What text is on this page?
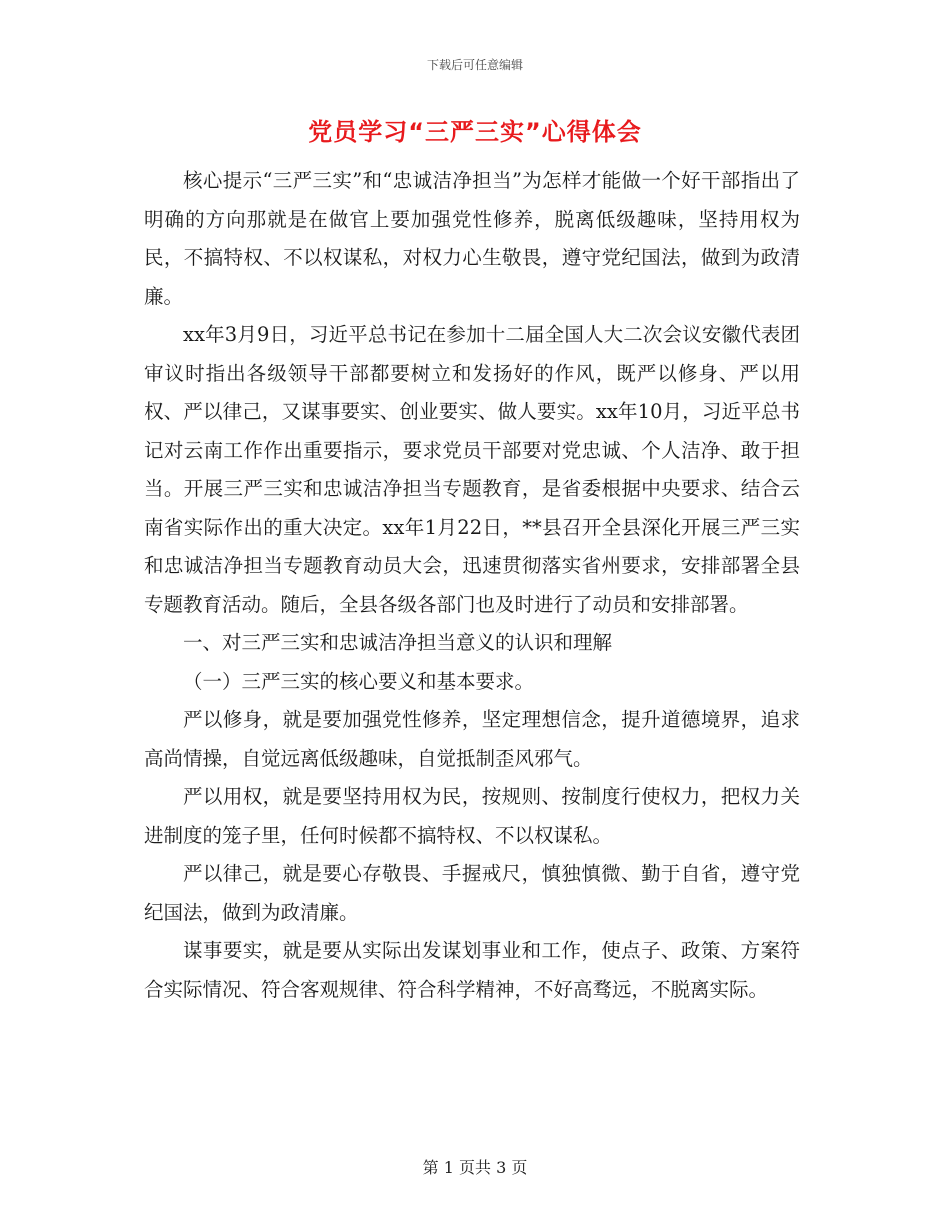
下载后可任意编辑
党员学习“三严三实”心得体会

核心提示“三严三实”和“忠诚洁净担当”为怎样才能做一个好干部指出了明确的方向那就是在做官上要加强党性修养，脱离低级趣味，坚持用权为民，不搞特权、不以权谋私，对权力心生敬畏，遵守党纪国法，做到为政清廉。

xx年3月9日，习近平总书记在参加十二届全国人大二次会议安徽代表团审议时指出各级领导干部都要树立和发扬好的作风，既严以修身、严以用权、严以律己，又谋事要实、创业要实、做人要实。xx年10月，习近平总书记对云南工作作出重要指示，要求党员干部要对党忠诚、个人洁净、敢于担当。开展三严三实和忠诚洁净担当专题教育，是省委根据中央要求、结合云南省实际作出的重大决定。xx年1月22日，**县召开全县深化开展三严三实和忠诚洁净担当专题教育动员大会，迅速贯彻落实省州要求，安排部署全县专题教育活动。随后，全县各级各部门也及时进行了动员和安排部署。

一、对三严三实和忠诚洁净担当意义的认识和理解

（一）三严三实的核心要义和基本要求。

严以修身，就是要加强党性修养，坚定理想信念，提升道德境界，追求高尚情操，自觉远离低级趣味，自觉抵制歪风邪气。

严以用权，就是要坚持用权为民，按规则、按制度行使权力，把权力关进制度的笼子里，任何时候都不搞特权、不以权谋私。

严以律己，就是要心存敬畏、手握戒尺，慎独慎微、勤于自省，遵守党纪国法，做到为政清廉。

谋事要实，就是要从实际出发谋划事业和工作，使点子、政策、方案符合实际情况、符合客观规律、符合科学精神，不好高骛远，不脱离实际。

第 1 页共 3 页
